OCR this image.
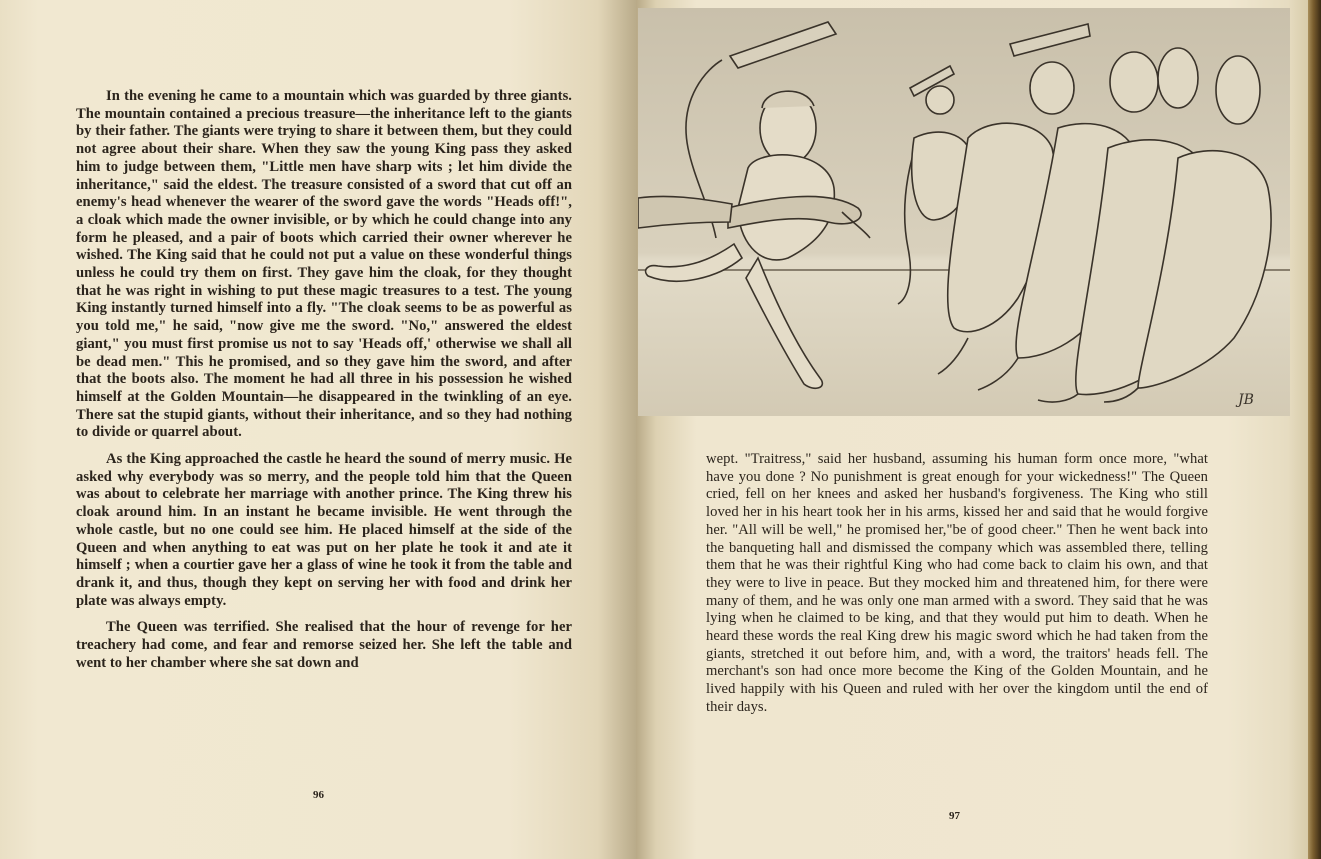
In the evening he came to a mountain which was guarded by three giants. The mountain contained a precious treasure—the inheritance left to the giants by their father. The giants were trying to share it between them, but they could not agree about their share. When they saw the young King pass they asked him to judge between them, "Little men have sharp wits ; let him divide the inheritance," said the eldest. The treasure consisted of a sword that cut off an enemy's head whenever the wearer of the sword gave the words "Heads off!", a cloak which made the owner invisible, or by which he could change into any form he pleased, and a pair of boots which carried their owner wherever he wished. The King said that he could not put a value on these wonderful things unless he could try them on first. They gave him the cloak, for they thought that he was right in wishing to put these magic treasures to a test. The young King instantly turned himself into a fly. "The cloak seems to be as powerful as you told me," he said, "now give me the sword. "No," answered the eldest giant," you must first promise us not to say 'Heads off,' otherwise we shall all be dead men." This he promised, and so they gave him the sword, and after that the boots also. The moment he had all three in his possession he wished himself at the Golden Mountain—he disappeared in the twinkling of an eye. There sat the stupid giants, without their inheritance, and so they had nothing to divide or quarrel about.

As the King approached the castle he heard the sound of merry music. He asked why everybody was so merry, and the people told him that the Queen was about to celebrate her marriage with another prince. The King threw his cloak around him. In an instant he became invisible. He went through the whole castle, but no one could see him. He placed himself at the side of the Queen and when anything to eat was put on her plate he took it and ate it himself ; when a courtier gave her a glass of wine he took it from the table and drank it, and thus, though they kept on serving her with food and drink her plate was always empty.

The Queen was terrified. She realised that the hour of revenge for her treachery had come, and fear and remorse seized her. She left the table and went to her chamber where she sat down and

96
JB

wept. "Traitress," said her husband, assuming his human form once more, "what have you done ? No punishment is great enough for your wickedness!" The Queen cried, fell on her knees and asked her husband's forgiveness. The King who still loved her in his heart took her in his arms, kissed her and said that he would forgive her. "All will be well," he promised her,"be of good cheer." Then he went back into the banqueting hall and dismissed the company which was assembled there, telling them that he was their rightful King who had come back to claim his own, and that they were to live in peace. But they mocked him and threatened him, for there were many of them, and he was only one man armed with a sword. They said that he was lying when he claimed to be king, and that they would put him to death. When he heard these words the real King drew his magic sword which he had taken from the giants, stretched it out before him, and, with a word, the traitors' heads fell. The merchant's son had once more become the King of the Golden Mountain, and he lived happily with his Queen and ruled with her over the kingdom until the end of their days.

97
